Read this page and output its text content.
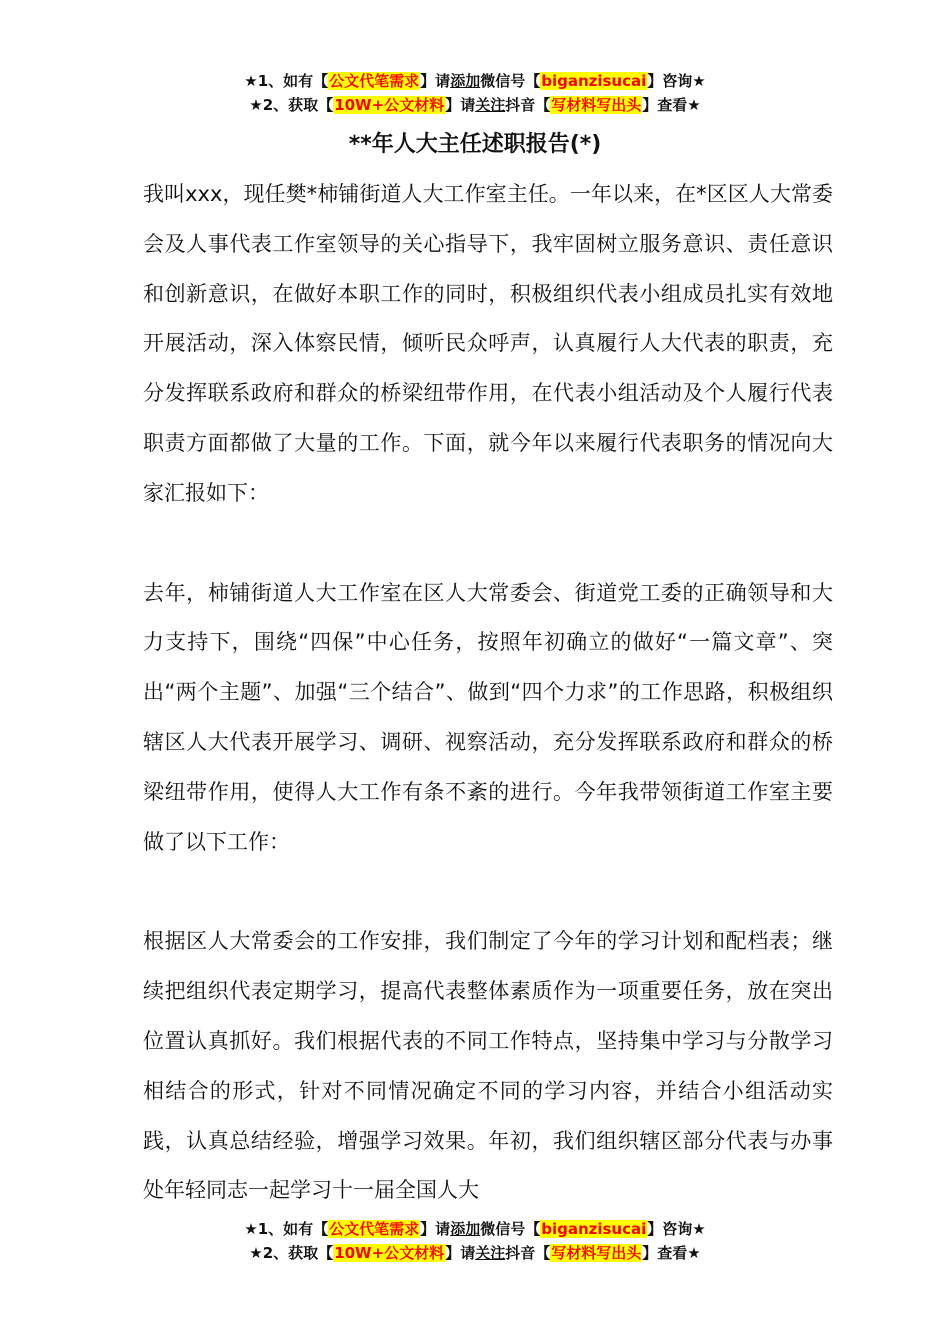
★1、如有【公文代笔需求】请添加微信号【biganzisucai】咨询★
★2、获取【10W+公文材料】请关注抖音【写材料写出头】查看★
**年人大主任述职报告(*)

我叫xxx，现任樊*柿铺街道人大工作室主任。一年以来，在*区区人大常委会及人事代表工作室领导的关心指导下，我牢固树立服务意识、责任意识和创新意识，在做好本职工作的同时，积极组织代表小组成员扎实有效地开展活动，深入体察民情，倾听民众呼声，认真履行人大代表的职责，充分发挥联系政府和群众的桥梁纽带作用，在代表小组活动及个人履行代表职责方面都做了大量的工作。下面，就今年以来履行代表职务的情况向大家汇报如下：

去年，柿铺街道人大工作室在区人大常委会、街道党工委的正确领导和大力支持下，围绕“四保”中心任务，按照年初确立的做好“一篇文章”、突出“两个主题”、加强“三个结合”、做到“四个力求”的工作思路，积极组织辖区人大代表开展学习、调研、视察活动，充分发挥联系政府和群众的桥梁纽带作用，使得人大工作有条不紊的进行。今年我带领街道工作室主要做了以下工作：

根据区人大常委会的工作安排，我们制定了今年的学习计划和配档表；继续把组织代表定期学习，提高代表整体素质作为一项重要任务，放在突出位置认真抓好。我们根据代表的不同工作特点，坚持集中学习与分散学习相结合的形式，针对不同情况确定不同的学习内容，并结合小组活动实践，认真总结经验，增强学习效果。年初，我们组织辖区部分代表与办事处年轻同志一起学习十一届全国人大

★1、如有【公文代笔需求】请添加微信号【biganzisucai】咨询★
★2、获取【10W+公文材料】请关注抖音【写材料写出头】查看★
